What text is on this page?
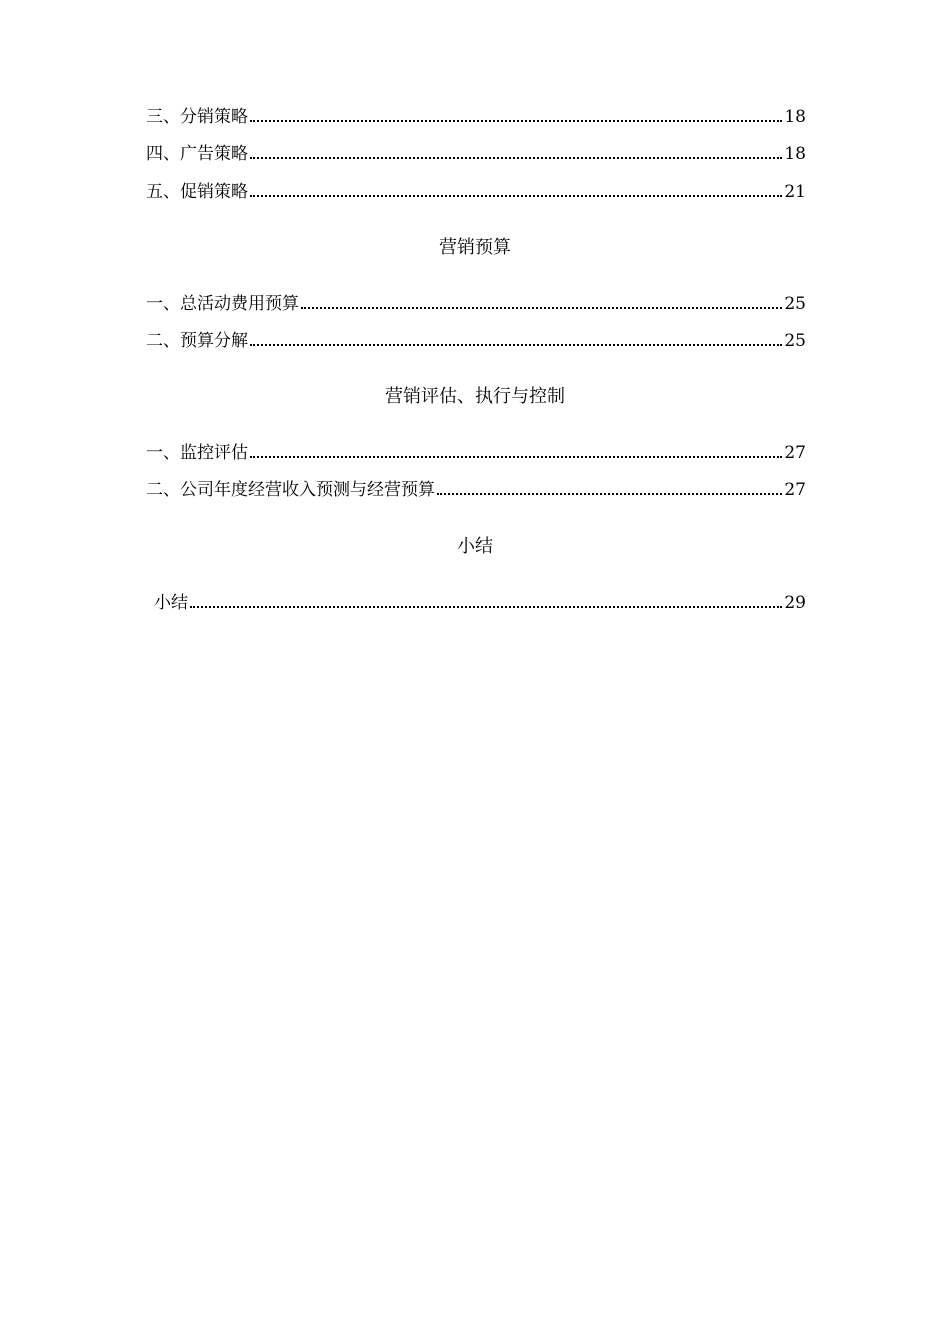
三、分销策略	18
四、广告策略	18
五、促销策略	21
营销预算
一、总活动费用预算	25
二、预算分解	25
营销评估、执行与控制
一、监控评估	27
二、公司年度经营收入预测与经营预算	27
小结
小结	29
